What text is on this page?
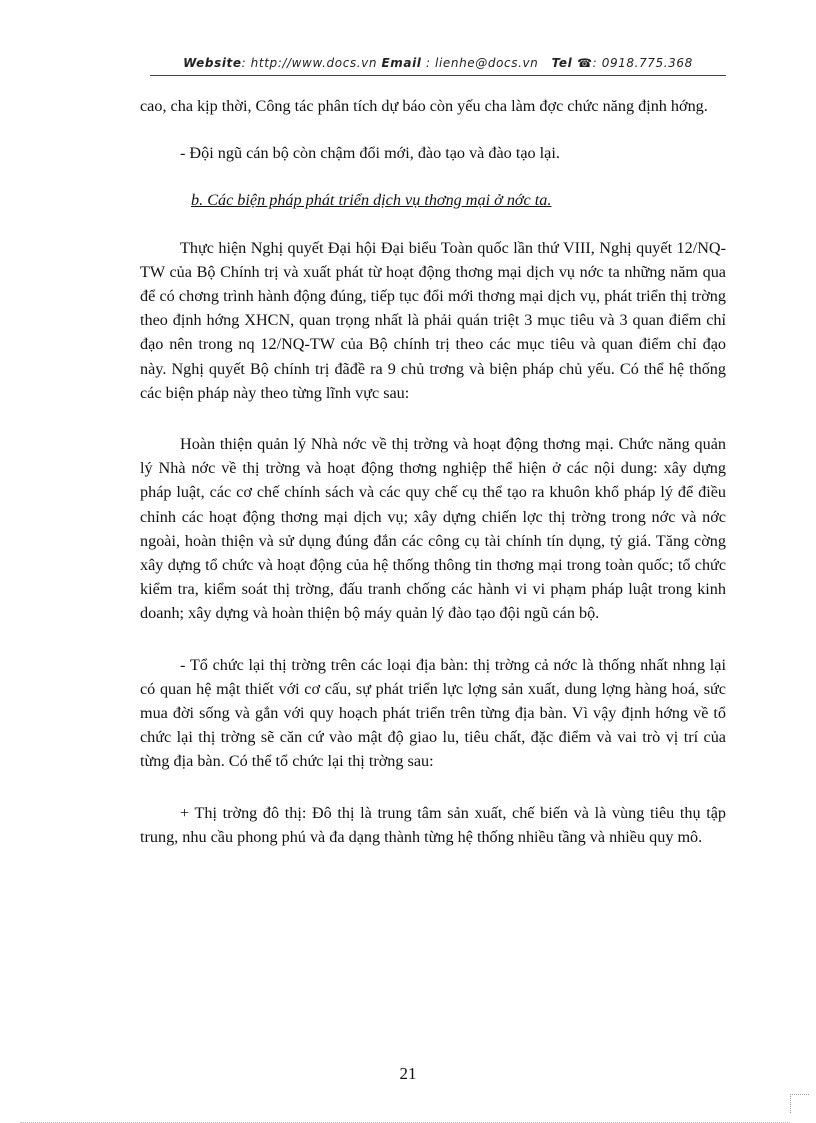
Website: http://www.docs.vn Email : lienhe@docs.vn Tel ☎: 0918.775.368

cao, cha kịp thời, Công tác phân tích dự báo còn yếu cha làm đợc chức năng định hớng.

- Đội ngũ cán bộ còn chậm đổi mới, đào tạo và đào tạo lại.

b. Các biện pháp phát triển dịch vụ thơng mại ở nớc ta.

Thực hiện Nghị quyết Đại hội Đại biểu Toàn quốc lần thứ VIII, Nghị quyết 12/NQ-TW của Bộ Chính trị và xuất phát từ hoạt động thơng mại dịch vụ nớc ta những năm qua để có chơng trình hành động đúng, tiếp tục đổi mới thơng mại dịch vụ, phát triển thị trờng theo định hớng XHCN, quan trọng nhất là phải quán triệt 3 mục tiêu và 3 quan điểm chỉ đạo nên trong nq 12/NQ-TW của Bộ chính trị theo các mục tiêu và quan điểm chỉ đạo này. Nghị quyết Bộ chính trị đãđề ra 9 chủ trơng và biện pháp chủ yếu. Có thể hệ thống các biện pháp này theo từng lĩnh vực sau:

Hoàn thiện quản lý Nhà nớc về thị trờng và hoạt động thơng mại. Chức năng quản lý Nhà nớc về thị trờng và hoạt động thơng nghiệp thể hiện ở các nội dung: xây dựng pháp luật, các cơ chế chính sách và các quy chế cụ thể tạo ra khuôn khổ pháp lý để điều chỉnh các hoạt động thơng mại dịch vụ; xây dựng chiến lợc thị trờng trong nớc và nớc ngoài, hoàn thiện và sử dụng đúng đắn các công cụ tài chính tín dụng, tỷ giá. Tăng cờng xây dựng tổ chức và hoạt động của hệ thống thông tin thơng mại trong toàn quốc; tổ chức kiểm tra, kiểm soát thị trờng, đấu tranh chống các hành vi vi phạm pháp luật trong kinh doanh; xây dựng và hoàn thiện bộ máy quản lý đào tạo đội ngũ cán bộ.

- Tổ chức lại thị trờng trên các loại địa bàn: thị trờng cả nớc là thống nhất nhng lại có quan hệ mật thiết với cơ cấu, sự phát triển lực lợng sản xuất, dung lợng hàng hoá, sức mua đời sống và gắn với quy hoạch phát triển trên từng địa bàn. Vì vậy định hớng về tổ chức lại thị trờng sẽ căn cứ vào mật độ giao lu, tiêu chất, đặc điểm và vai trò vị trí của từng địa bàn. Có thể tổ chức lại thị trờng sau:

+ Thị trờng đô thị: Đô thị là trung tâm sản xuất, chế biến và là vùng tiêu thụ tập trung, nhu cầu phong phú và đa dạng thành từng hệ thống nhiều tầng và nhiều quy mô.

21
